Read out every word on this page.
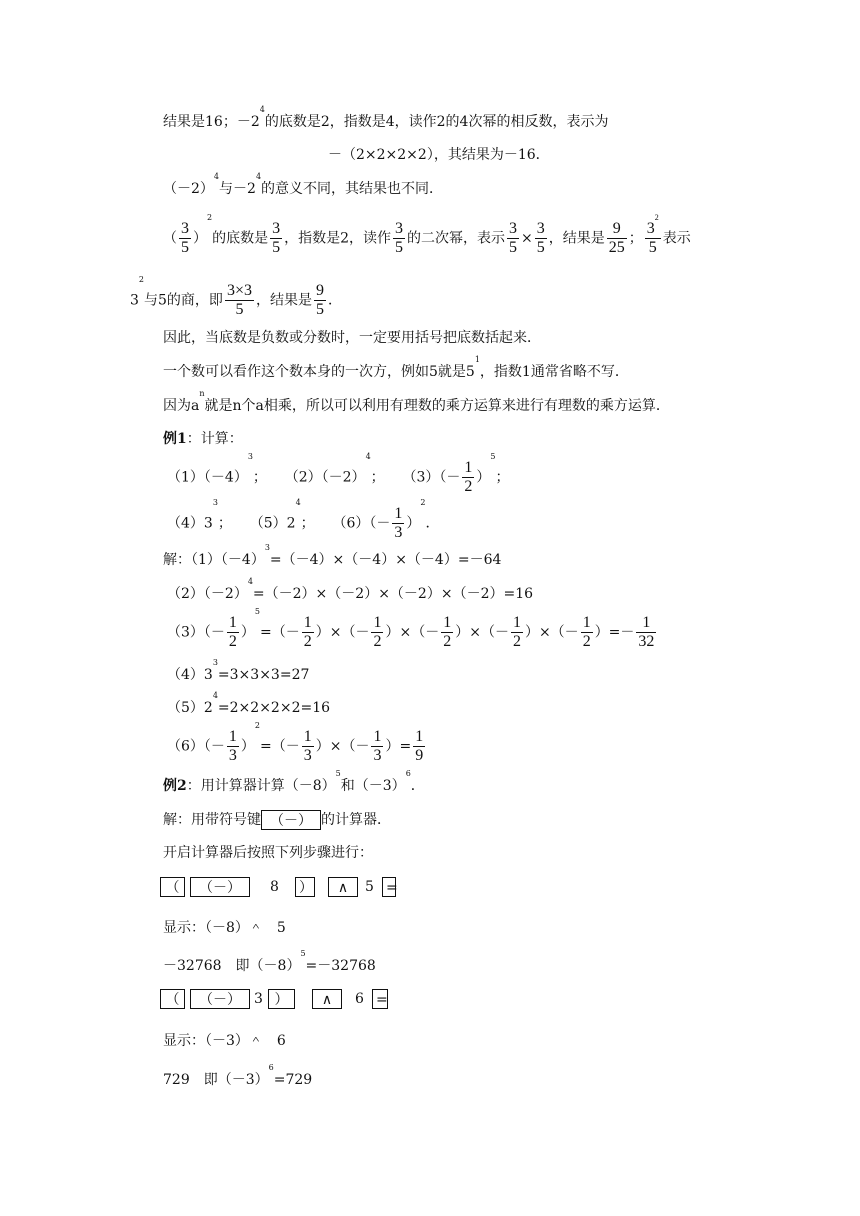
结果是16；$-2^4$的底数是2，指数是4，读作2的4次幂的相反数，表示为
－（2×2×2×2），其结果为－16．
$(-2)^4$与$-2^4$的意义不同，其结果也不同．
（ $\frac{3}{5} )^2$的底数是 $\frac{3}{5}$ ，指数是2，读作 $\frac{3}{5}$ 的二次幂，表示 $\frac{3}{5} \times \frac{3}{5}$ ，结果是 $\frac{9}{25}$ ； $\frac{3^2}{5}$ 表示
$3^2$与5的商，即 $\frac{3\times 3}{5}$ ，结果是 $\frac{9}{5}$ ．
因此，当底数是负数或分数时，一定要用括号把底数括起来．
一个数可以看作这个数本身的一次方，例如5就是$5^1$，指数1通常省略不写．
因为$a^n$就是n个a相乘，所以可以利用有理数的乘方运算来进行有理数的乘方运算．
例1：计算：
$(1)(-4)^3$； $(2)(-2)^4$； $(3)(- \frac{1}{2} )^5$；
$(4)3^3$； $(5)2^4$； $(6)(- \frac{1}{3} )^2$．
解：$(1)(-4)^3=(-4)\times(-4)\times(-4)=-64$
$(2)(-2)^4=(-2)\times(-2)\times(-2)\times(-2)=16$
$(3)(- \frac{1}{2} )^5=(- \frac{1}{2}$ ）×（－ $\frac{1}{2}$ ）×（－ $\frac{1}{2}$ ）×（－ $\frac{1}{2}$ ）×（－ $\frac{1}{2}$ ）=－ $\frac{1}{32}$
$(4)3^3=3\times 3\times 3=27$
$(5)2^4=2\times 2\times 2\times 2=16$
$(6)(- \frac{1}{3} )^2=(- \frac{1}{3}$ ）×（－ $\frac{1}{3}$ ）= $\frac{1}{9}$
例2：用计算器计算$(-8)^5$和$(-3)^6$．
解：用带符号键 （－） 的计算器．
开启计算器后按照下列步骤进行：
（	（－）	8 ）	∧	5 =
显示：（－8）＾　5
－32768　即$(-8)^5=-32768$
（	（－） 3 ）	∧	6 =
显示：（－3）＾　6
729　即$(-3)^6=729$
